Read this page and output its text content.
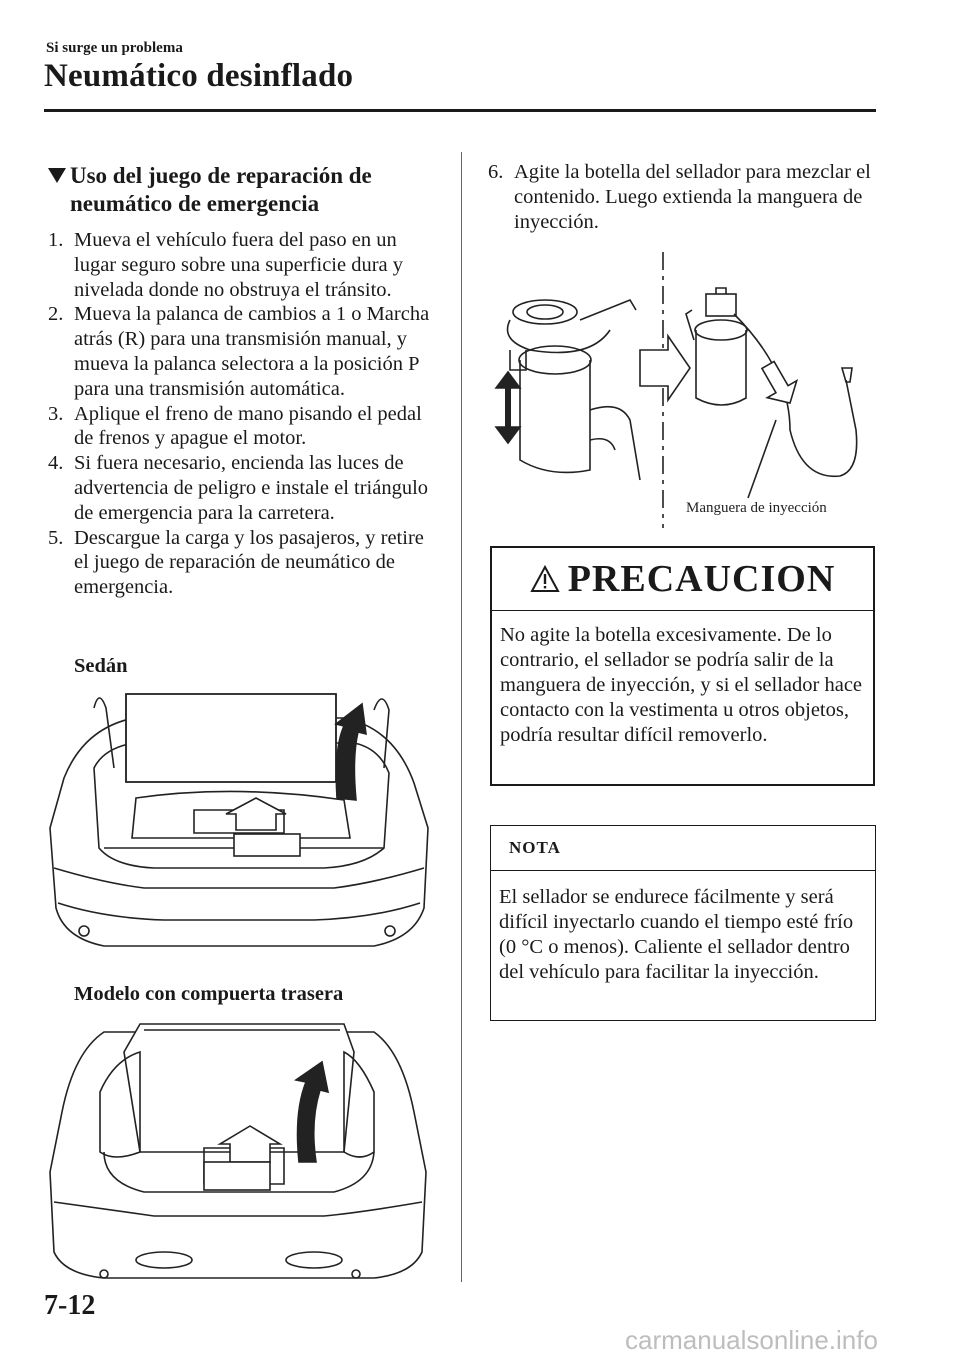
Si surge un problema
Neumático desinflado
Uso del juego de reparación de neumático de emergencia
1. Mueva el vehículo fuera del paso en un lugar seguro sobre una superficie dura y nivelada donde no obstruya el tránsito.
2. Mueva la palanca de cambios a 1 o Marcha atrás (R) para una transmisión manual, y mueva la palanca selectora a la posición P para una transmisión automática.
3. Aplique el freno de mano pisando el pedal de frenos y apague el motor.
4. Si fuera necesario, encienda las luces de advertencia de peligro e instale el triángulo de emergencia para la carretera.
5. Descargue la carga y los pasajeros, y retire el juego de reparación de neumático de emergencia.
Sedán
Modelo con compuerta trasera
6. Agite la botella del sellador para mezclar el contenido. Luego extienda la manguera de inyección.
Manguera de inyección
PRECAUCION
No agite la botella excesivamente. De lo contrario, el sellador se podría salir de la manguera de inyección, y si el sellador hace contacto con la vestimenta u otros objetos, podría resultar difícil removerlo.
NOTA
El sellador se endurece fácilmente y será difícil inyectarlo cuando el tiempo esté frío (0 °C o menos). Caliente el sellador dentro del vehículo para facilitar la inyección.
7-12
carmanualsonline.info
